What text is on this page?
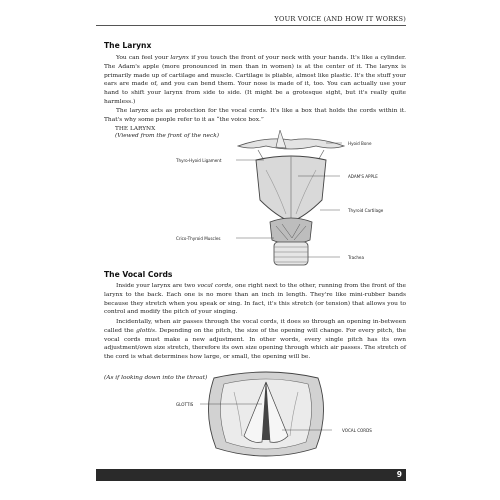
YOUR VOICE (AND HOW IT WORKS)
The Larynx

You can feel your larynx if you touch the front of your neck with your hands. It's like a cylinder. The Adam's apple (more pronounced in men than in women) is at the center of it. The larynx is primarily made up of cartilage and muscle. Cartilage is pliable, almost like plastic. It's the stuff your ears are made of, and you can bend them. Your nose is made of it, too. You can actually use your hand to shift your larynx from side to side. (It might be a grotesque sight, but it's really quite harmless.)

The larynx acts as protection for the vocal cords. It's like a box that holds the cords within it. That's why some people refer to it as “the voice box.”

THE LARYNX
(Viewed from the front of the neck)
Hyoid Bone
Thyro-Hyoid Ligament
ADAM'S APPLE
Thyroid Cartilage
Crico-Thyroid Muscles
Trachea
The Vocal Cords

Inside your larynx are two vocal cords, one right next to the other, running from the front of the larynx to the back. Each one is no more than an inch in length. They're like mini-rubber bands because they stretch when you speak or sing. In fact, it's this stretch (or tension) that allows you to control and modify the pitch of your singing.

Incidentally, when air passes through the vocal cords, it does so through an opening in-between called the glottis. Depending on the pitch, the size of the opening will change. For every pitch, the vocal cords must make a new adjustment. In other words, every single pitch has its own adjustment/own size stretch, therefore its own size opening through which air passes. The stretch of the cord is what determines how large, or small, the opening will be.

(As if looking down into the throat)
GLOTTIS
VOCAL CORDS
9
